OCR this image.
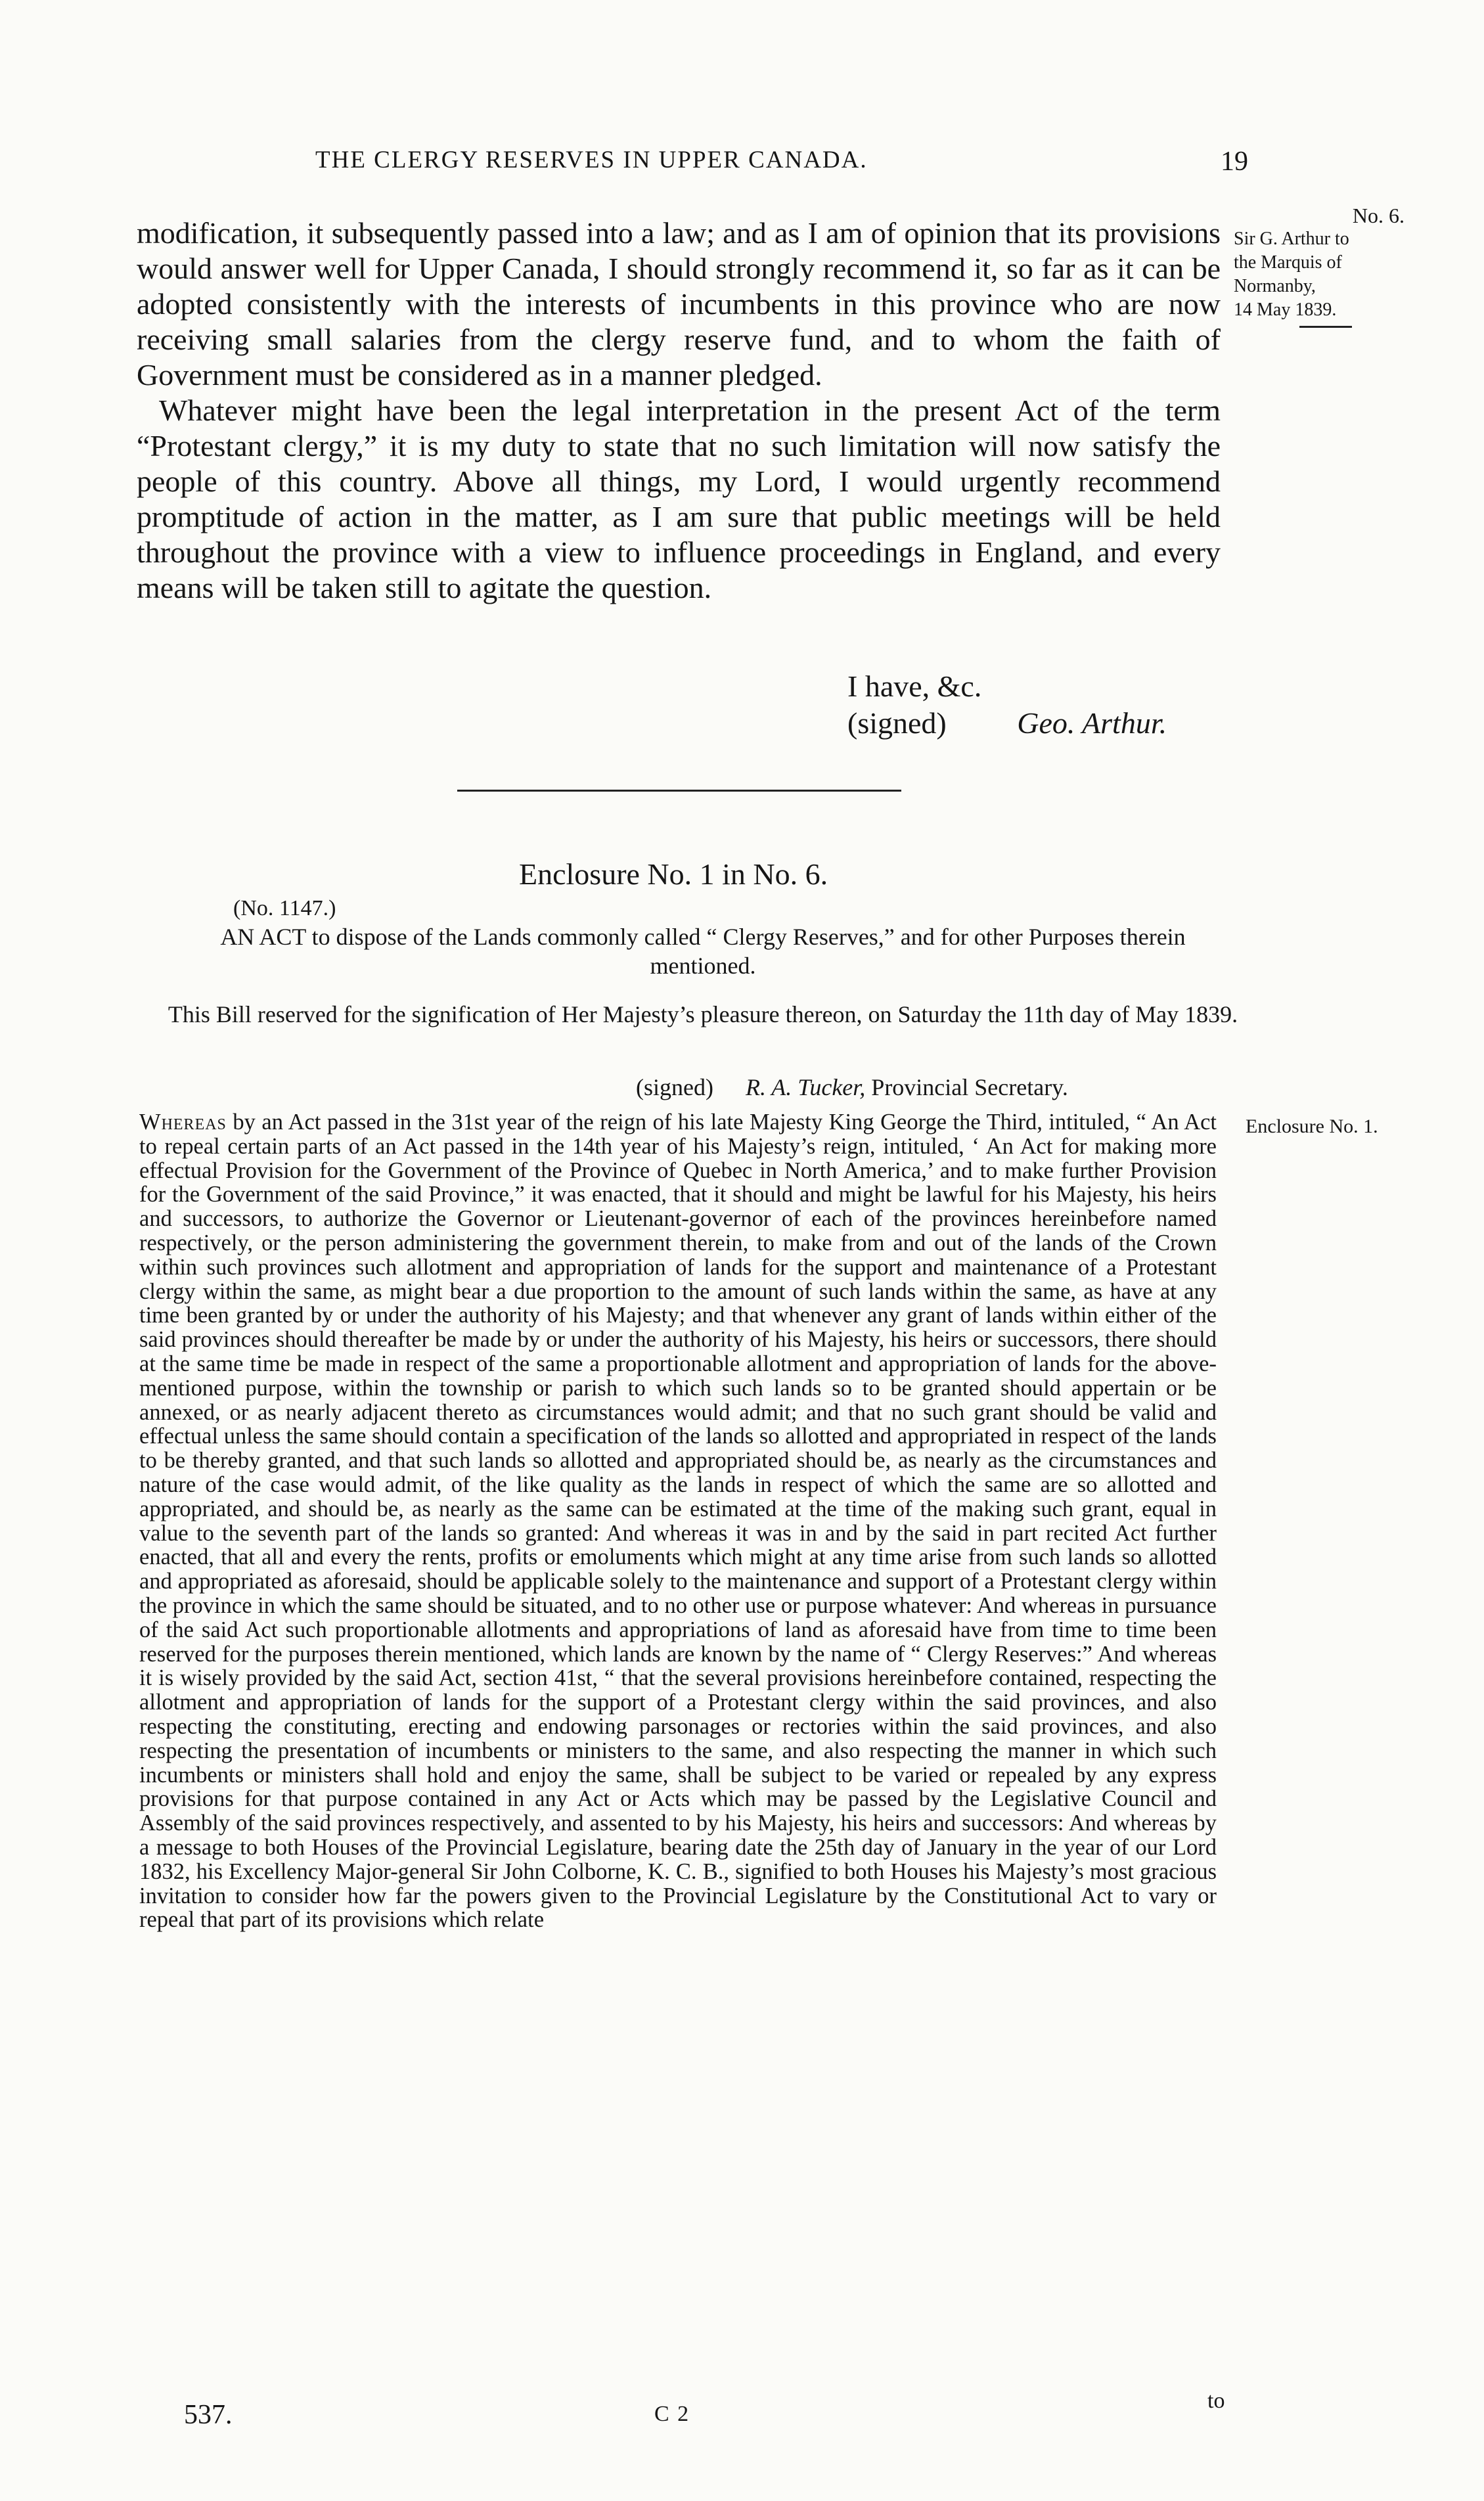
THE CLERGY RESERVES IN UPPER CANADA.	19
No. 6.
Sir G. Arthur to
the Marquis of
Normanby,
14 May 1839.

modification, it subsequently passed into a law; and as I am of opinion that its provisions would answer well for Upper Canada, I should strongly recommend it, so far as it can be adopted consistently with the interests of incumbents in this province who are now receiving small salaries from the clergy reserve fund, and to whom the faith of Government must be considered as in a manner pledged.

Whatever might have been the legal interpretation in the present Act of the term “Protestant clergy,” it is my duty to state that no such limitation will now satisfy the people of this country. Above all things, my Lord, I would urgently recommend promptitude of action in the matter, as I am sure that public meetings will be held throughout the province with a view to influence proceedings in England, and every means will be taken still to agitate the question.

I have, &c.
(signed) Geo. Arthur.
Enclosure No. 1 in No. 6.
(No. 1147.)
AN ACT to dispose of the Lands commonly called “ Clergy Reserves,” and for other Purposes therein mentioned.
This Bill reserved for the signification of Her Majesty’s pleasure thereon, on Saturday the 11th day of May 1839.
(signed) R. A. Tucker, Provincial Secretary.
Enclosure No. 1.
Whereas by an Act passed in the 31st year of the reign of his late Majesty King George the Third, intituled, “ An Act to repeal certain parts of an Act passed in the 14th year of his Majesty’s reign, intituled, ‘ An Act for making more effectual Provision for the Government of the Province of Quebec in North America,’ and to make further Provision for the Government of the said Province,” it was enacted, that it should and might be lawful for his Majesty, his heirs and successors, to authorize the Governor or Lieutenant-governor of each of the provinces hereinbefore named respectively, or the person administering the government therein, to make from and out of the lands of the Crown within such provinces such allotment and appropriation of lands for the support and maintenance of a Protestant clergy within the same, as might bear a due proportion to the amount of such lands within the same, as have at any time been granted by or under the authority of his Majesty; and that whenever any grant of lands within either of the said provinces should thereafter be made by or under the authority of his Majesty, his heirs or successors, there should at the same time be made in respect of the same a proportionable allotment and appropriation of lands for the above-mentioned purpose, within the township or parish to which such lands so to be granted should appertain or be annexed, or as nearly adjacent thereto as circumstances would admit; and that no such grant should be valid and effectual unless the same should contain a specification of the lands so allotted and appropriated in respect of the lands to be thereby granted, and that such lands so allotted and appropriated should be, as nearly as the circumstances and nature of the case would admit, of the like quality as the lands in respect of which the same are so allotted and appropriated, and should be, as nearly as the same can be estimated at the time of the making such grant, equal in value to the seventh part of the lands so granted: And whereas it was in and by the said in part recited Act further enacted, that all and every the rents, profits or emoluments which might at any time arise from such lands so allotted and appropriated as aforesaid, should be applicable solely to the maintenance and support of a Protestant clergy within the province in which the same should be situated, and to no other use or purpose whatever: And whereas in pursuance of the said Act such proportionable allotments and appropriations of land as aforesaid have from time to time been reserved for the purposes therein mentioned, which lands are known by the name of “ Clergy Reserves:” And whereas it is wisely provided by the said Act, section 41st, “ that the several provisions hereinbefore contained, respecting the allotment and appropriation of lands for the support of a Protestant clergy within the said provinces, and also respecting the constituting, erecting and endowing parsonages or rectories within the said provinces, and also respecting the presentation of incumbents or ministers to the same, and also respecting the manner in which such incumbents or ministers shall hold and enjoy the same, shall be subject to be varied or repealed by any express provisions for that purpose contained in any Act or Acts which may be passed by the Legislative Council and Assembly of the said provinces respectively, and assented to by his Majesty, his heirs and successors: And whereas by a message to both Houses of the Provincial Legislature, bearing date the 25th day of January in the year of our Lord 1832, his Excellency Major-general Sir John Colborne, K. C. B., signified to both Houses his Majesty’s most gracious invitation to consider how far the powers given to the Provincial Legislature by the Constitutional Act to vary or repeal that part of its provisions which relate
537.	C 2
to
